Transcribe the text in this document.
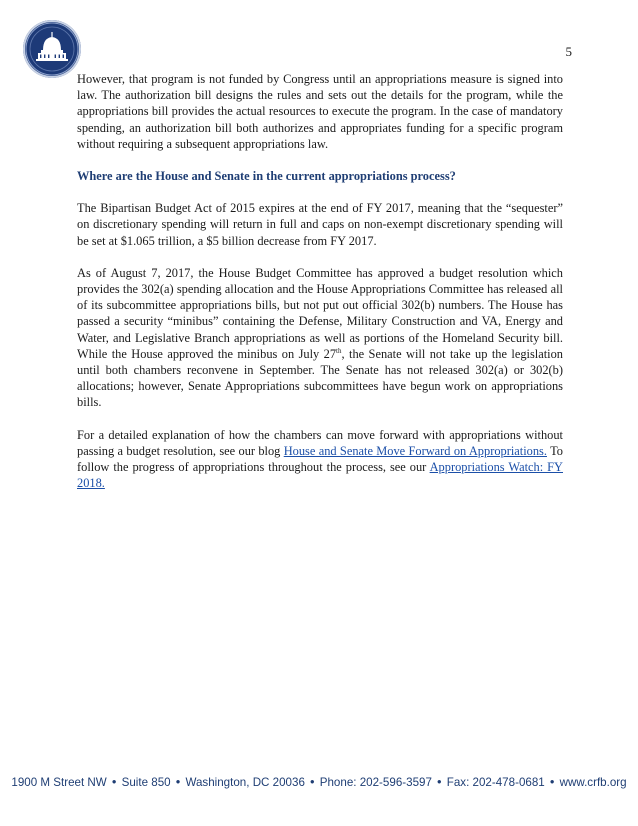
5

However, that program is not funded by Congress until an appropriations measure is signed into law. The authorization bill designs the rules and sets out the details for the program, while the appropriations bill provides the actual resources to execute the program. In the case of mandatory spending, an authorization bill both authorizes and appropriates funding for a specific program without requiring a subsequent appropriations law.

Where are the House and Senate in the current appropriations process?

The Bipartisan Budget Act of 2015 expires at the end of FY 2017, meaning that the “sequester” on discretionary spending will return in full and caps on non-exempt discretionary spending will be set at $1.065 trillion, a $5 billion decrease from FY 2017.

As of August 7, 2017, the House Budget Committee has approved a budget resolution which provides the 302(a) spending allocation and the House Appropriations Committee has released all of its subcommittee appropriations bills, but not put out official 302(b) numbers. The House has passed a security “minibus” containing the Defense, Military Construction and VA, Energy and Water, and Legislative Branch appropriations as well as portions of the Homeland Security bill. While the House approved the minibus on July 27th, the Senate will not take up the legislation until both chambers reconvene in September. The Senate has not released 302(a) or 302(b) allocations; however, Senate Appropriations subcommittees have begun work on appropriations bills.

For a detailed explanation of how the chambers can move forward with appropriations without passing a budget resolution, see our blog House and Senate Move Forward on Appropriations. To follow the progress of appropriations throughout the process, see our Appropriations Watch: FY 2018.

1900 M Street NW ● Suite 850 ● Washington, DC 20036 ● Phone: 202-596-3597 ● Fax: 202-478-0681 ● www.crfb.org
